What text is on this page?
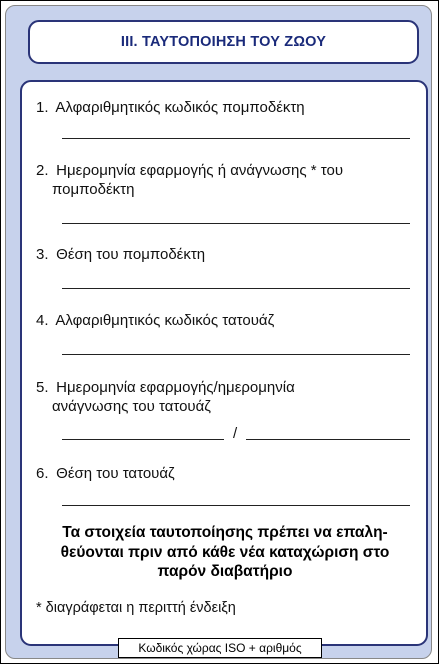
III. ΤΑΥΤΟΠΟΙΗΣΗ ΤΟΥ ΖΩΟΥ
1. Αλφαριθμητικός κωδικός πομποδέκτη
2. Ημερομηνία εφαρμογής ή ανάγνωσης * του
πομποδέκτη
3. Θέση του πομποδέκτη
4. Αλφαριθμητικός κωδικός τατουάζ
5. Ημερομηνία εφαρμογής/ημερομηνία
ανάγνωσης του τατουάζ
/
6. Θέση του τατουάζ
Τα στοιχεία ταυτοποίησης πρέπει να επαλη-
θεύονται πριν από κάθε νέα καταχώριση στο
παρόν διαβατήριο
* διαγράφεται η περιττή ένδειξη
Κωδικός χώρας ISO + αριθμός
